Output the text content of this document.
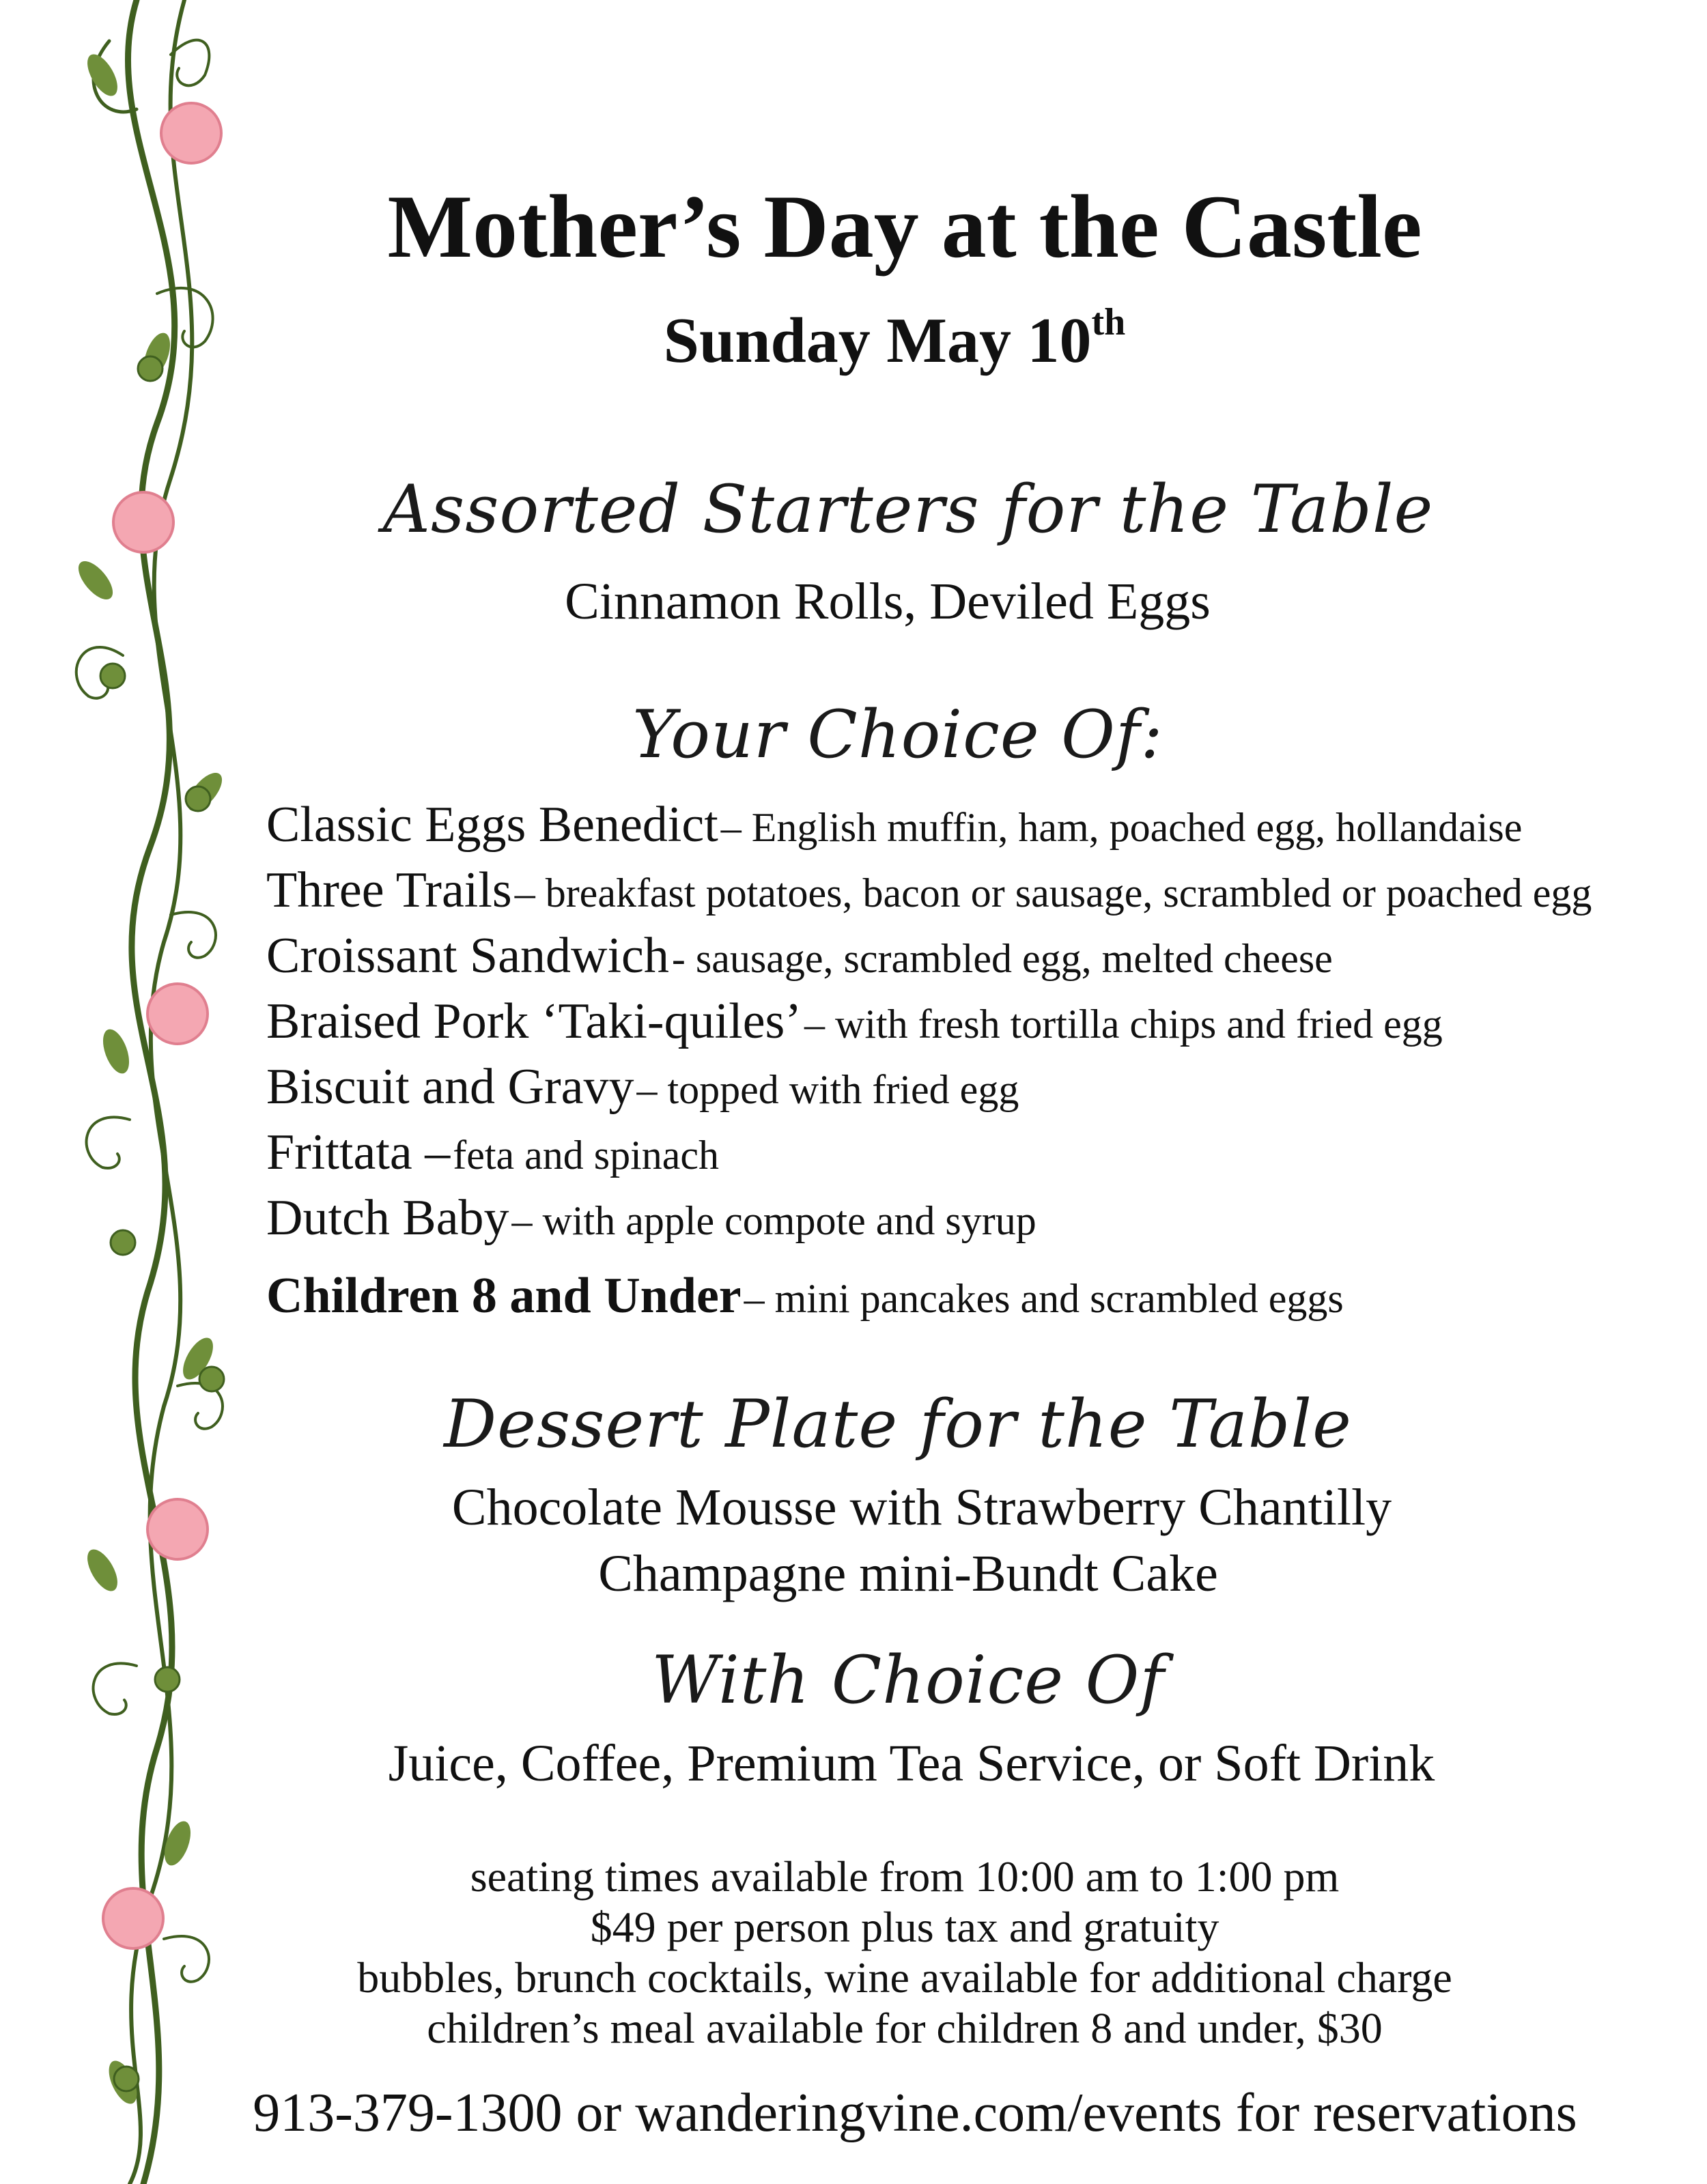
Mother’s Day at the Castle
Sunday May 10th
Assorted Starters for the Table
Cinnamon Rolls, Deviled Eggs
Your Choice Of:
Classic Eggs Benedict – English muffin, ham, poached egg, hollandaise
Three Trails – breakfast potatoes, bacon or sausage, scrambled or poached egg
Croissant Sandwich - sausage, scrambled egg, melted cheese
Braised Pork ‘Taki-quiles’ – with fresh tortilla chips and fried egg
Biscuit and Gravy – topped with fried egg
Frittata – feta and spinach
Dutch Baby – with apple compote and syrup
Children 8 and Under – mini pancakes and scrambled eggs
Dessert Plate for the Table
Chocolate Mousse with Strawberry Chantilly
Champagne mini-Bundt Cake
With Choice Of
Juice, Coffee, Premium Tea Service, or Soft Drink
seating times available from 10:00 am to 1:00 pm
$49 per person plus tax and gratuity
bubbles, brunch cocktails, wine available for additional charge
children’s meal available for children 8 and under, $30
913-379-1300 or wanderingvine.com/events for reservations
